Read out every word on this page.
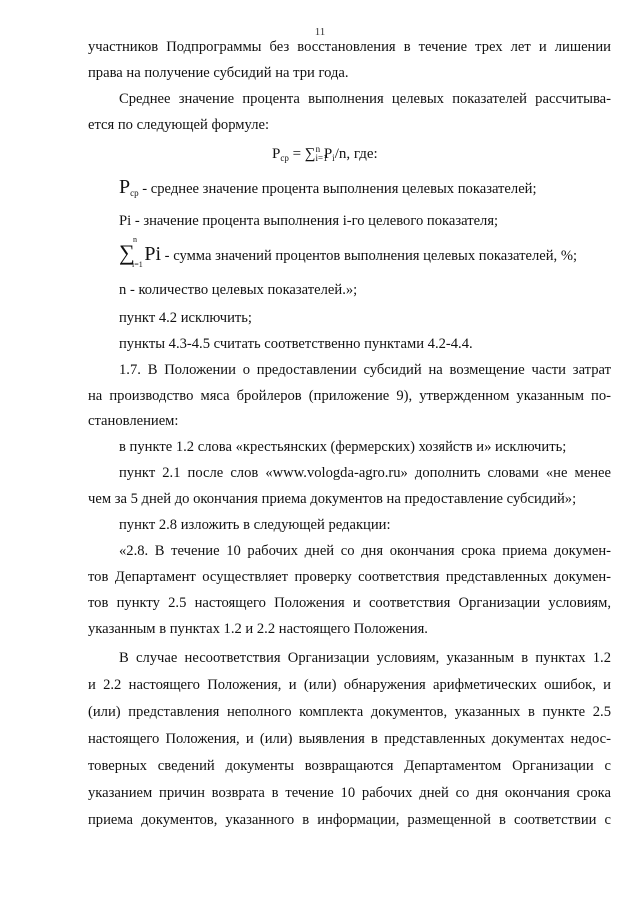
11
участников Подпрограммы без восстановления в течение трех лет и лишении
права на получение субсидий на три года.
Среднее значение процента выполнения целевых показателей рассчитыва-
ется по следующей формуле:
$P_{ср} = \sum_{i=1}^n$ $P_i/n$, где:
$P_{ср}$ - среднее значение процента выполнения целевых показателей;
Pi - значение процента выполнения i-го целевого показателя;
∑
n
i=1 Pi - сумма значений процентов выполнения целевых показателей, %;
n - количество целевых показателей.»;
пункт 4.2 исключить;
пункты 4.3-4.5 считать соответственно пунктами 4.2-4.4.
1.7. В Положении о предоставлении субсидий на возмещение части затрат
на производство мяса бройлеров (приложение 9), утвержденном указанным по-
становлением:
в пункте 1.2 слова «крестьянских (фермерских) хозяйств и» исключить;
пункт 2.1 после слов «www.vologda-agro.ru» дополнить словами «не менее
чем за 5 дней до окончания приема документов на предоставление субсидий»;
пункт 2.8 изложить в следующей редакции:
«2.8. В течение 10 рабочих дней со дня окончания срока приема докумен-
тов Департамент осуществляет проверку соответствия представленных докумен-
тов пункту 2.5 настоящего Положения и соответствия Организации условиям,
указанным в пунктах 1.2 и 2.2 настоящего Положения.
В случае несоответствия Организации условиям, указанным в пунктах 1.2
и 2.2 настоящего Положения, и (или) обнаружения арифметических ошибок, и
(или) представления неполного комплекта документов, указанных в пункте 2.5
настоящего Положения, и (или) выявления в представленных документах недос-
товерных сведений документы возвращаются Департаментом Организации с
указанием причин возврата в течение 10 рабочих дней со дня окончания срока
приема документов, указанного в информации, размещенной в соответствии с
